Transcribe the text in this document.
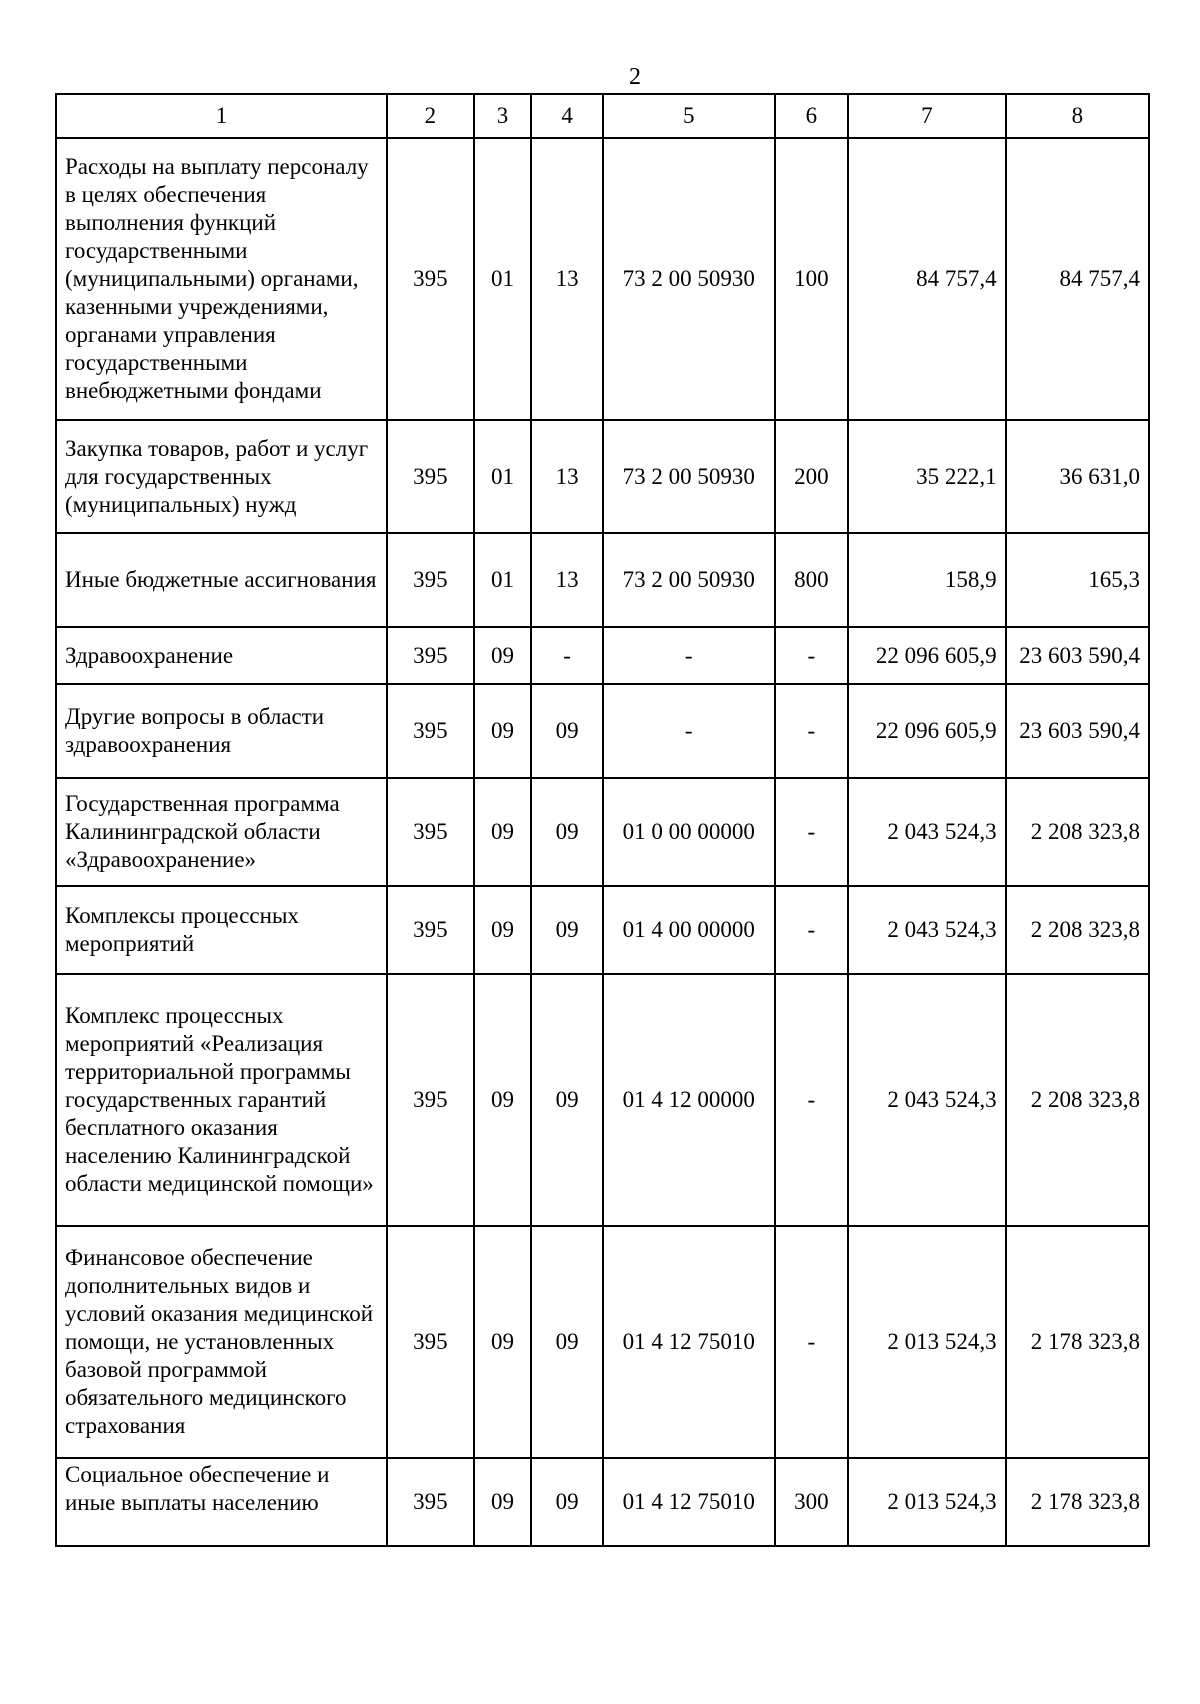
2
1	2	3	4	5	6	7	8
Расходы на выплату персоналу в целях обеспечения выполнения функций государственными (муниципальными) органами, казенными учреждениями, органами управления государственными внебюджетными фондами	395	01	13	73 2 00 50930	100	84 757,4	84 757,4
Закупка товаров, работ и услуг для государственных (муниципальных) нужд	395	01	13	73 2 00 50930	200	35 222,1	36 631,0
Иные бюджетные ассигнования	395	01	13	73 2 00 50930	800	158,9	165,3
Здравоохранение	395	09	-	-	-	22 096 605,9	23 603 590,4
Другие вопросы в области здравоохранения	395	09	09	-	-	22 096 605,9	23 603 590,4
Государственная программа Калининградской области «Здравоохранение»	395	09	09	01 0 00 00000	-	2 043 524,3	2 208 323,8
Комплексы процессных мероприятий	395	09	09	01 4 00 00000	-	2 043 524,3	2 208 323,8
Комплекс процессных мероприятий «Реализация территориальной программы государственных гарантий бесплатного оказания населению Калининградской области медицинской помощи»	395	09	09	01 4 12 00000	-	2 043 524,3	2 208 323,8
Финансовое обеспечение дополнительных видов и условий оказания медицинской помощи, не установленных базовой программой обязательного медицинского страхования	395	09	09	01 4 12 75010	-	2 013 524,3	2 178 323,8
Социальное обеспечение и иные выплаты населению	395	09	09	01 4 12 75010	300	2 013 524,3	2 178 323,8
